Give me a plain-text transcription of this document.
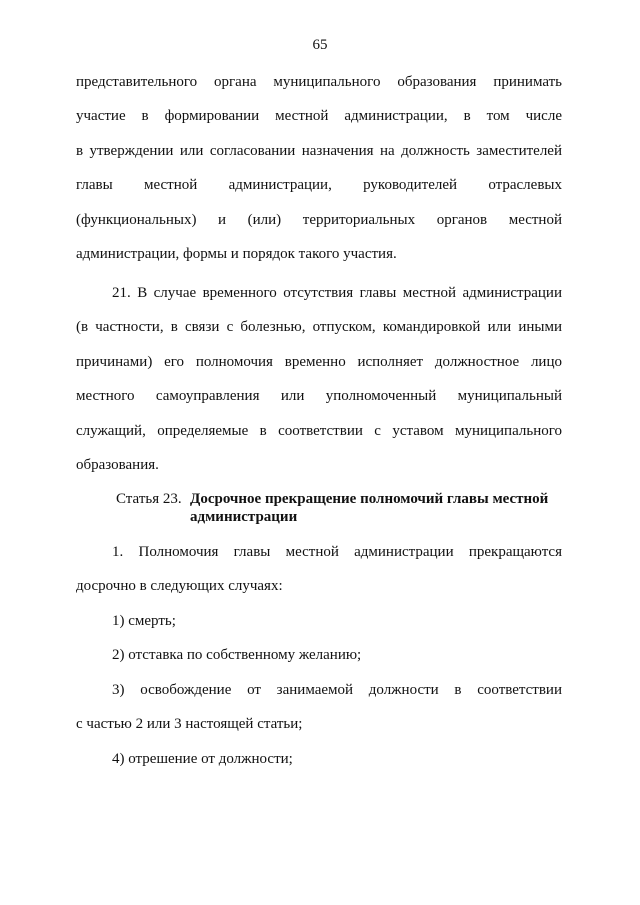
65
представительного органа муниципального образования принимать
участие в формировании местной администрации, в том числе
в утверждении или согласовании назначения на должность заместителей
главы местной администрации, руководителей отраслевых
(функциональных) и (или) территориальных органов местной
администрации, формы и порядок такого участия.
21. В случае временного отсутствия главы местной администрации
(в частности, в связи с болезнью, отпуском, командировкой или иными
причинами) его полномочия временно исполняет должностное лицо
местного самоуправления или уполномоченный муниципальный
служащий, определяемые в соответствии с уставом муниципального
образования.
Статья 23. Досрочное прекращение полномочий главы местной
администрации
1. Полномочия главы местной администрации прекращаются
досрочно в следующих случаях:
1) смерть;
2) отставка по собственному желанию;
3) освобождение от занимаемой должности в соответствии
с частью 2 или 3 настоящей статьи;
4) отрешение от должности;
